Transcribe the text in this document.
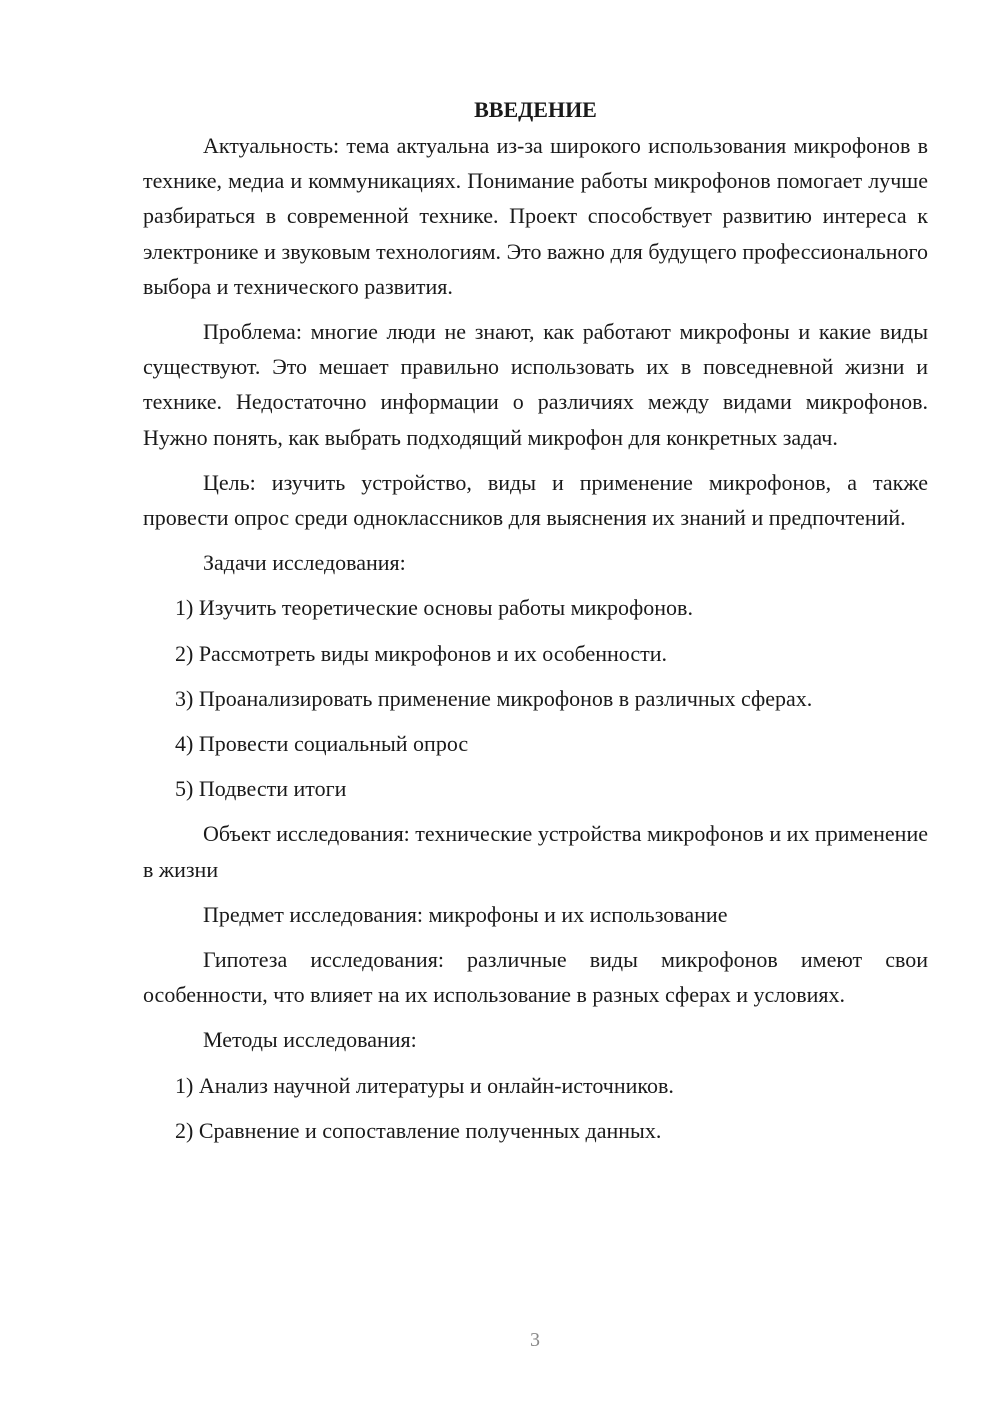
ВВЕДЕНИЕ

Актуальность: тема актуальна из-за широкого использования микрофонов в технике, медиа и коммуникациях. Понимание работы микрофонов помогает лучше разбираться в современной технике. Проект способствует развитию интереса к электронике и звуковым технологиям. Это важно для будущего профессионального выбора и технического развития.

Проблема: многие люди не знают, как работают микрофоны и какие виды существуют. Это мешает правильно использовать их в повседневной жизни и технике. Недостаточно информации о различиях между видами микрофонов. Нужно понять, как выбрать подходящий микрофон для конкретных задач.

Цель: изучить устройство, виды и применение микрофонов, а также провести опрос среди одноклассников для выяснения их знаний и предпочтений.

Задачи исследования:

1) Изучить теоретические основы работы микрофонов.

2) Рассмотреть виды микрофонов и их особенности.

3) Проанализировать применение микрофонов в различных сферах.

4) Провести социальный опрос

5) Подвести итоги

Объект исследования: технические устройства микрофонов и их применение в жизни

Предмет исследования: микрофоны и их использование

Гипотеза исследования: различные виды микрофонов имеют свои особенности, что влияет на их использование в разных сферах и условиях.

Методы исследования:

1) Анализ научной литературы и онлайн-источников.

2) Сравнение и сопоставление полученных данных.

3
